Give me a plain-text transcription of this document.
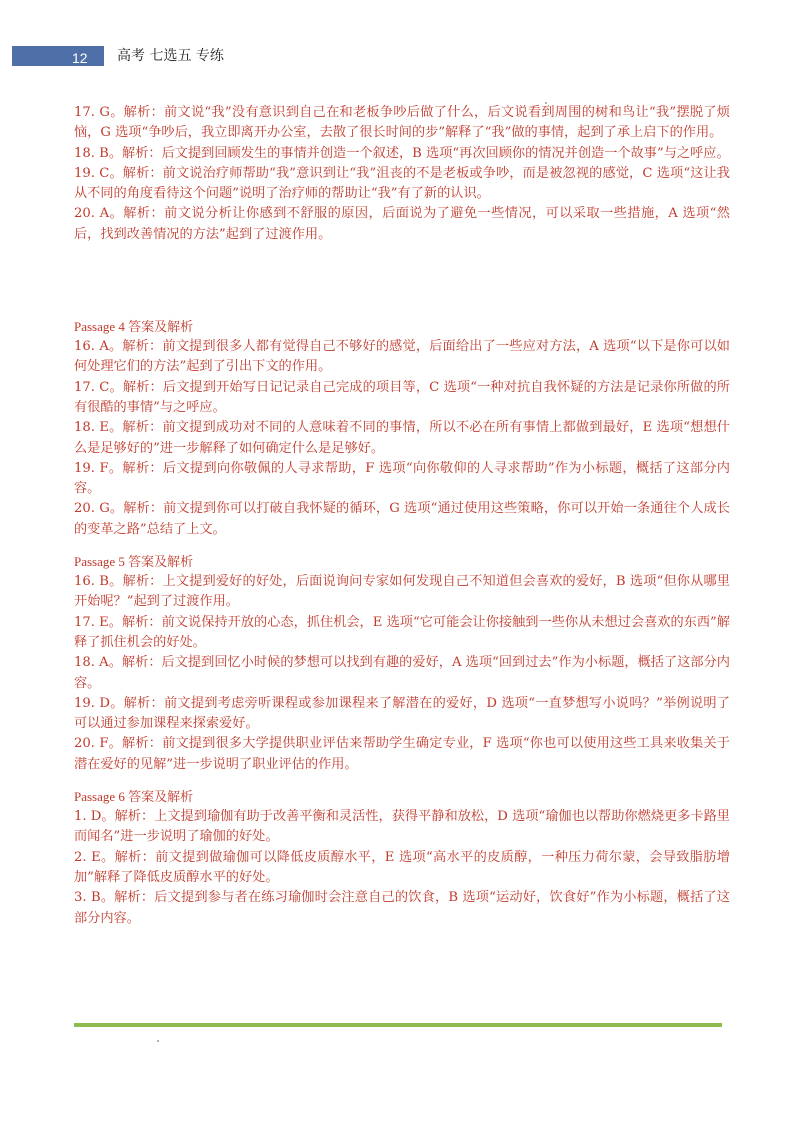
12 高考 七选五 专练
17. G。解析：前文说“我”没有意识到自己在和老板争吵后做了什么，后文说看到周围的树和鸟让“我”摆脱了烦恼，G 选项“争吵后，我立即离开办公室，去散了很长时间的步”解释了“我”做的事情，起到了承上启下的作用。
18. B。解析：后文提到回顾发生的事情并创造一个叙述，B 选项“再次回顾你的情况并创造一个故事”与之呼应。
19. C。解析：前文说治疗师帮助“我”意识到让“我”沮丧的不是老板或争吵，而是被忽视的感觉，C 选项“这让我从不同的角度看待这个问题”说明了治疗师的帮助让“我”有了新的认识。
20. A。解析：前文说分析让你感到不舒服的原因，后面说为了避免一些情况，可以采取一些措施，A 选项“然后，找到改善情况的方法”起到了过渡作用。
Passage 4 答案及解析
16. A。解析：前文提到很多人都有觉得自己不够好的感觉，后面给出了一些应对方法，A 选项“以下是你可以如何处理它们的方法”起到了引出下文的作用。
17. C。解析：后文提到开始写日记记录自己完成的项目等，C 选项“一种对抗自我怀疑的方法是记录你所做的所有很酷的事情”与之呼应。
18. E。解析：前文提到成功对不同的人意味着不同的事情，所以不必在所有事情上都做到最好，E 选项“想想什么是足够好的”进一步解释了如何确定什么是足够好。
19. F。解析：后文提到向你敬佩的人寻求帮助，F 选项“向你敬仰的人寻求帮助”作为小标题，概括了这部分内容。
20. G。解析：前文提到你可以打破自我怀疑的循环，G 选项“通过使用这些策略，你可以开始一条通往个人成长的变革之路”总结了上文。
Passage 5 答案及解析
16. B。解析：上文提到爱好的好处，后面说询问专家如何发现自己不知道但会喜欢的爱好，B 选项“但你从哪里开始呢？”起到了过渡作用。
17. E。解析：前文说保持开放的心态，抓住机会，E 选项“它可能会让你接触到一些你从未想过会喜欢的东西”解释了抓住机会的好处。
18. A。解析：后文提到回忆小时候的梦想可以找到有趣的爱好，A 选项“回到过去”作为小标题，概括了这部分内容。
19. D。解析：前文提到考虑旁听课程或参加课程来了解潜在的爱好，D 选项“一直梦想写小说吗？”举例说明了可以通过参加课程来探索爱好。
20. F。解析：前文提到很多大学提供职业评估来帮助学生确定专业，F 选项“你也可以使用这些工具来收集关于潜在爱好的见解”进一步说明了职业评估的作用。
Passage 6 答案及解析
1. D。解析：上文提到瑜伽有助于改善平衡和灵活性，获得平静和放松，D 选项“瑜伽也以帮助你燃烧更多卡路里而闻名”进一步说明了瑜伽的好处。
2. E。解析：前文提到做瑜伽可以降低皮质醇水平，E 选项“高水平的皮质醇，一种压力荷尔蒙，会导致脂肪增加”解释了降低皮质醇水平的好处。
3. B。解析：后文提到参与者在练习瑜伽时会注意自己的饮食，B 选项“运动好，饮食好”作为小标题，概括了这部分内容。
